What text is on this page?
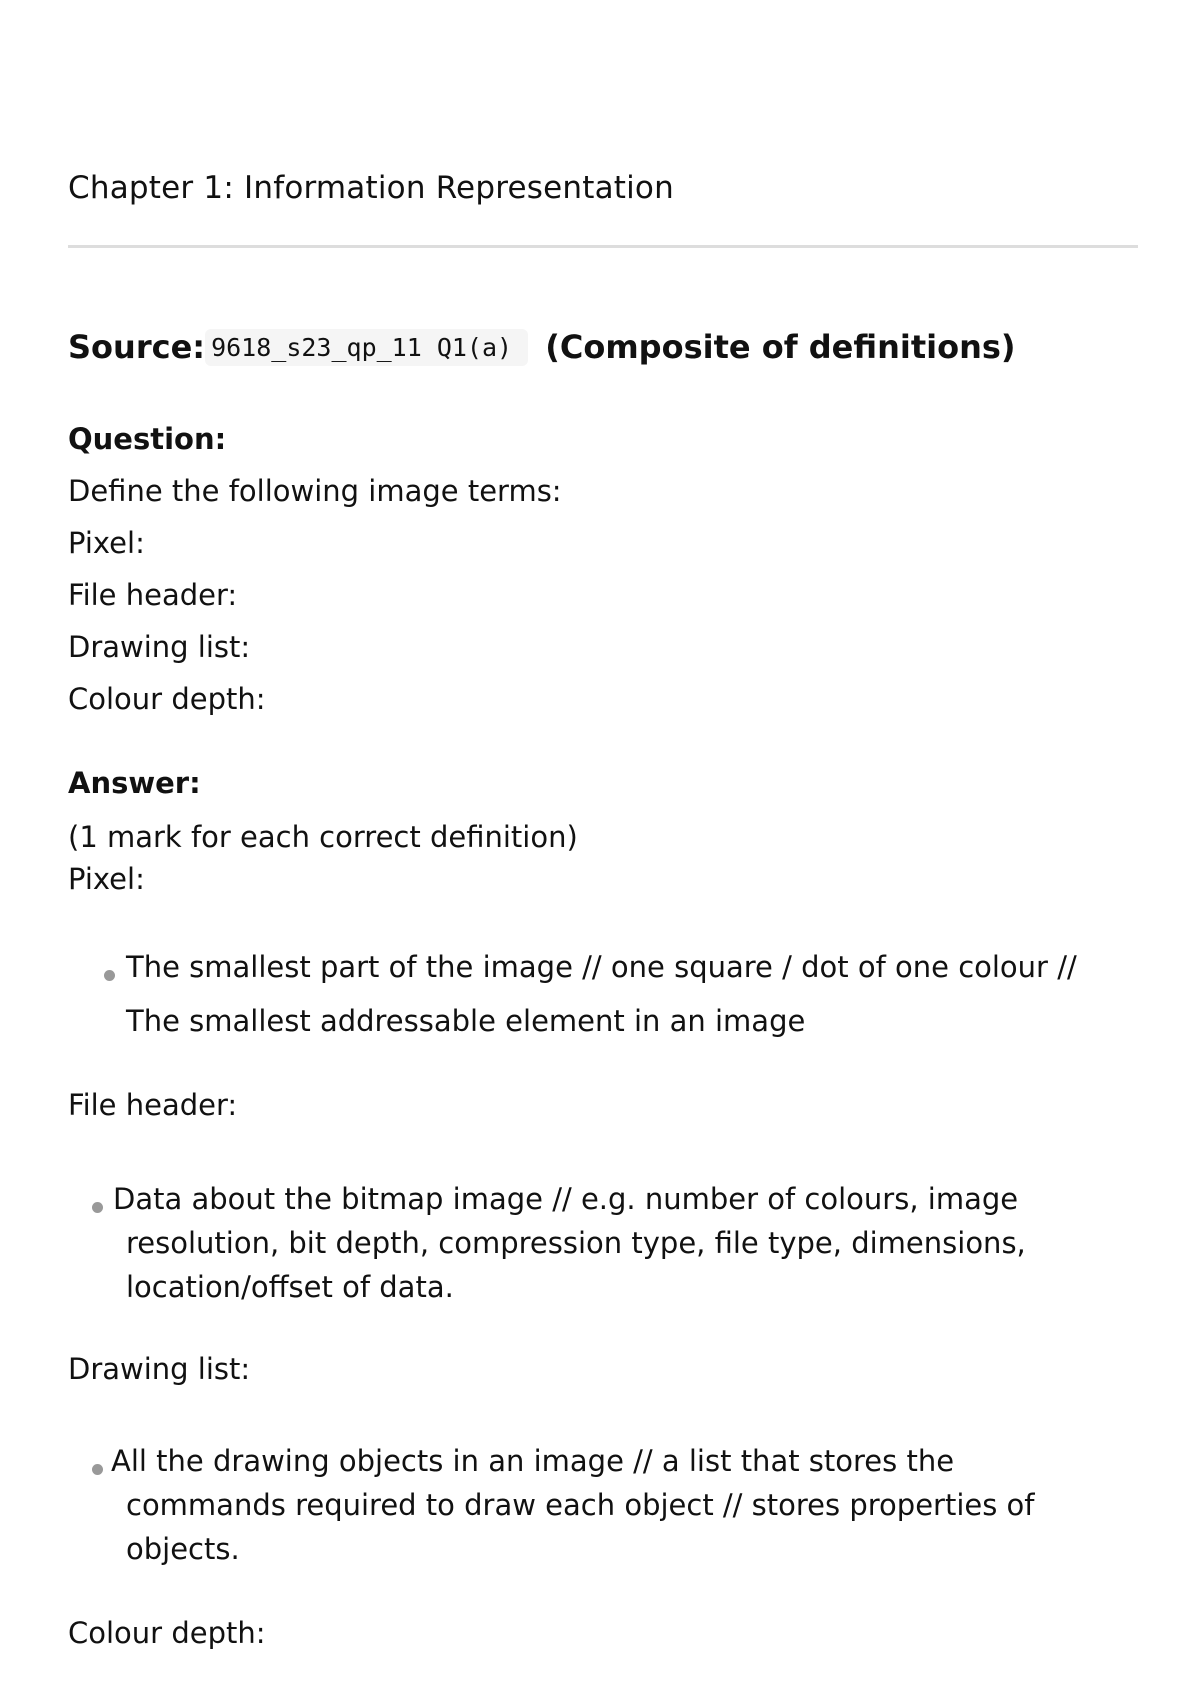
Chapter 1: Information Representation
Source: 9618_s23_qp_11 Q1(a) (Composite of definitions)
Question:
Define the following image terms:
Pixel:
File header:
Drawing list:
Colour depth:
Answer:
(1 mark for each correct definition)
Pixel:
The smallest part of the image // one square / dot of one colour //
The smallest addressable element in an image
File header:
Data about the bitmap image // e.g. number of colours, image
resolution, bit depth, compression type, file type, dimensions,
location/offset of data.
Drawing list:
All the drawing objects in an image // a list that stores the
commands required to draw each object // stores properties of
objects.
Colour depth:
